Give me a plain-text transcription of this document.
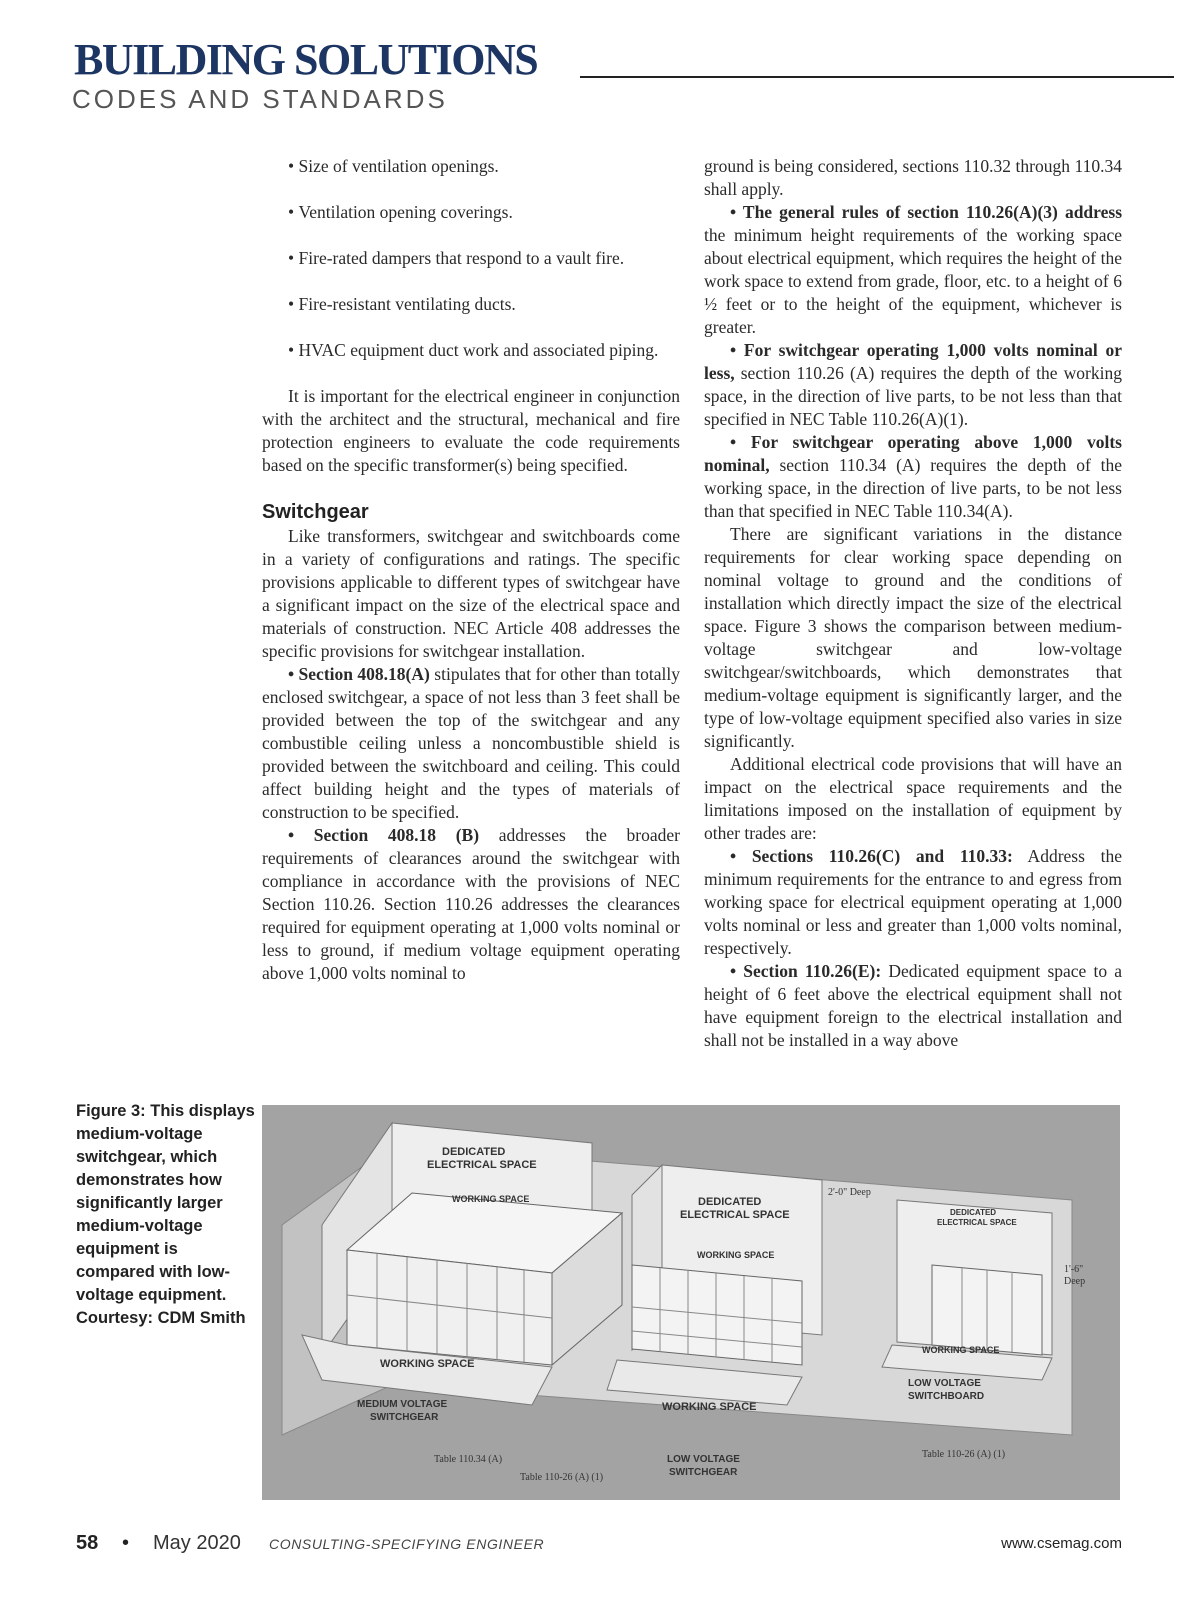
BUILDING SOLUTIONS
CODES AND STANDARDS
• Size of ventilation openings.
• Ventilation opening coverings.
• Fire-rated dampers that respond to a vault fire.
• Fire-resistant ventilating ducts.
• HVAC equipment duct work and associated piping.

It is important for the electrical engineer in conjunction with the architect and the structural, mechanical and fire protection engineers to evaluate the code requirements based on the specific transformer(s) being specified.

Switchgear

Like transformers, switchgear and switchboards come in a variety of configurations and ratings. The specific provisions applicable to different types of switchgear have a significant impact on the size of the electrical space and materials of construction. NEC Article 408 addresses the specific provisions for switchgear installation.

• Section 408.18(A) stipulates that for other than totally enclosed switchgear, a space of not less than 3 feet shall be provided between the top of the switchgear and any combustible ceiling unless a noncombustible shield is provided between the switchboard and ceiling. This could affect building height and the types of materials of construction to be specified.

• Section 408.18 (B) addresses the broader requirements of clearances around the switchgear with compliance in accordance with the provisions of NEC Section 110.26. Section 110.26 addresses the clearances required for equipment operating at 1,000 volts nominal or less to ground, if medium voltage equipment operating above 1,000 volts nominal to

ground is being considered, sections 110.32 through 110.34 shall apply.

• The general rules of section 110.26(A)(3) address the minimum height requirements of the working space about electrical equipment, which requires the height of the work space to extend from grade, floor, etc. to a height of 6 ½ feet or to the height of the equipment, whichever is greater.

• For switchgear operating 1,000 volts nominal or less, section 110.26 (A) requires the depth of the working space, in the direction of live parts, to be not less than that specified in NEC Table 110.26(A)(1).

• For switchgear operating above 1,000 volts nominal, section 110.34 (A) requires the depth of the working space, in the direction of live parts, to be not less than that specified in NEC Table 110.34(A).

There are significant variations in the distance requirements for clear working space depending on nominal voltage to ground and the conditions of installation which directly impact the size of the electrical space. Figure 3 shows the comparison between medium-voltage switchgear and low-voltage switchgear/switchboards, which demonstrates that medium-voltage equipment is significantly larger, and the type of low-voltage equipment specified also varies in size significantly.

Additional electrical code provisions that will have an impact on the electrical space requirements and the limitations imposed on the installation of equipment by other trades are:

• Sections 110.26(C) and 110.33: Address the minimum requirements for the entrance to and egress from working space for electrical equipment operating at 1,000 volts nominal or less and greater than 1,000 volts nominal, respectively.

• Section 110.26(E): Dedicated equipment space to a height of 6 feet above the electrical equipment shall not have equipment foreign to the electrical installation and shall not be installed in a way above

Figure 3: This displays medium-voltage switchgear, which demonstrates how significantly larger medium-voltage equipment is compared with low-voltage equipment. Courtesy: CDM Smith
DEDICATED
ELECTRICAL SPACE
WORKING SPACE
WORKING SPACE
MEDIUM VOLTAGE
SWITCHGEAR
DEDICATED
ELECTRICAL SPACE
WORKING SPACE
WORKING SPACE
LOW VOLTAGE
SWITCHGEAR
2'-0" Deep
DEDICATED
ELECTRICAL SPACE
1'-6"
Deep
WORKING SPACE
LOW VOLTAGE
SWITCHBOARD
Table 110.34 (A)
Table 110-26 (A) (1)
Table 110-26 (A) (1)
58 • May 2020 CONSULTING-SPECIFYING ENGINEER	www.csemag.com
